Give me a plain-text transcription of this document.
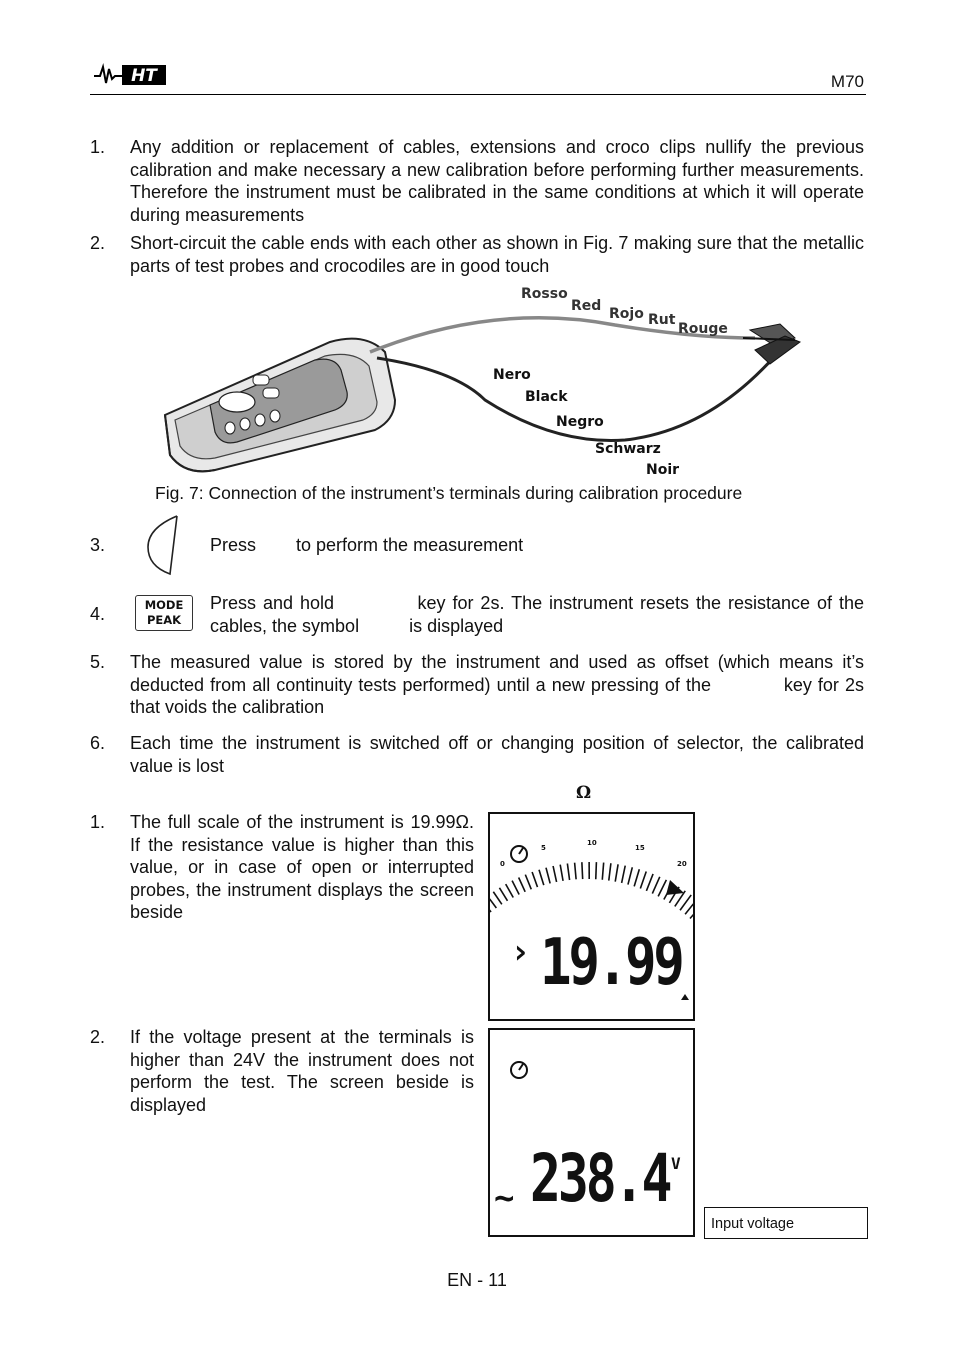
HT	M70
1. Any addition or replacement of cables, extensions and croco clips nullify the previous calibration and make necessary a new calibration before performing further measurements. Therefore the instrument must be calibrated in the same conditions at which it will operate during measurements
2. Short-circuit the cable ends with each other as shown in Fig. 7 making sure that the metallic parts of test probes and crocodiles are in good touch
Rosso
Red Rojo Rut
Rouge
Nero
Black
Negro
Schwarz
Noir
Fig. 7: Connection of the instrument’s terminals during calibration procedure
3.	Press        to perform the measurement
4.	MODE
PEAK
Press and hold            key for 2s. The instrument resets the resistance of the cables, the symbol          is displayed
5. The measured value is stored by the instrument and used as offset (which means it’s deducted from all continuity tests performed) until a new pressing of the            key for 2s that voids the calibration
6. Each time the instrument is switched off or changing position of selector, the calibrated value is lost
Ω
1. The full scale of the instrument is 19.99Ω. If the resistance value is higher than this value, or in case of open or interrupted probes, the instrument displays the screen beside
2. If the voltage present at the terminals is higher than 24V the instrument does not perform the test. The screen beside is displayed
0
5
10
15
20
› 19.99
~ 238.4 V
Input voltage
EN - 11
